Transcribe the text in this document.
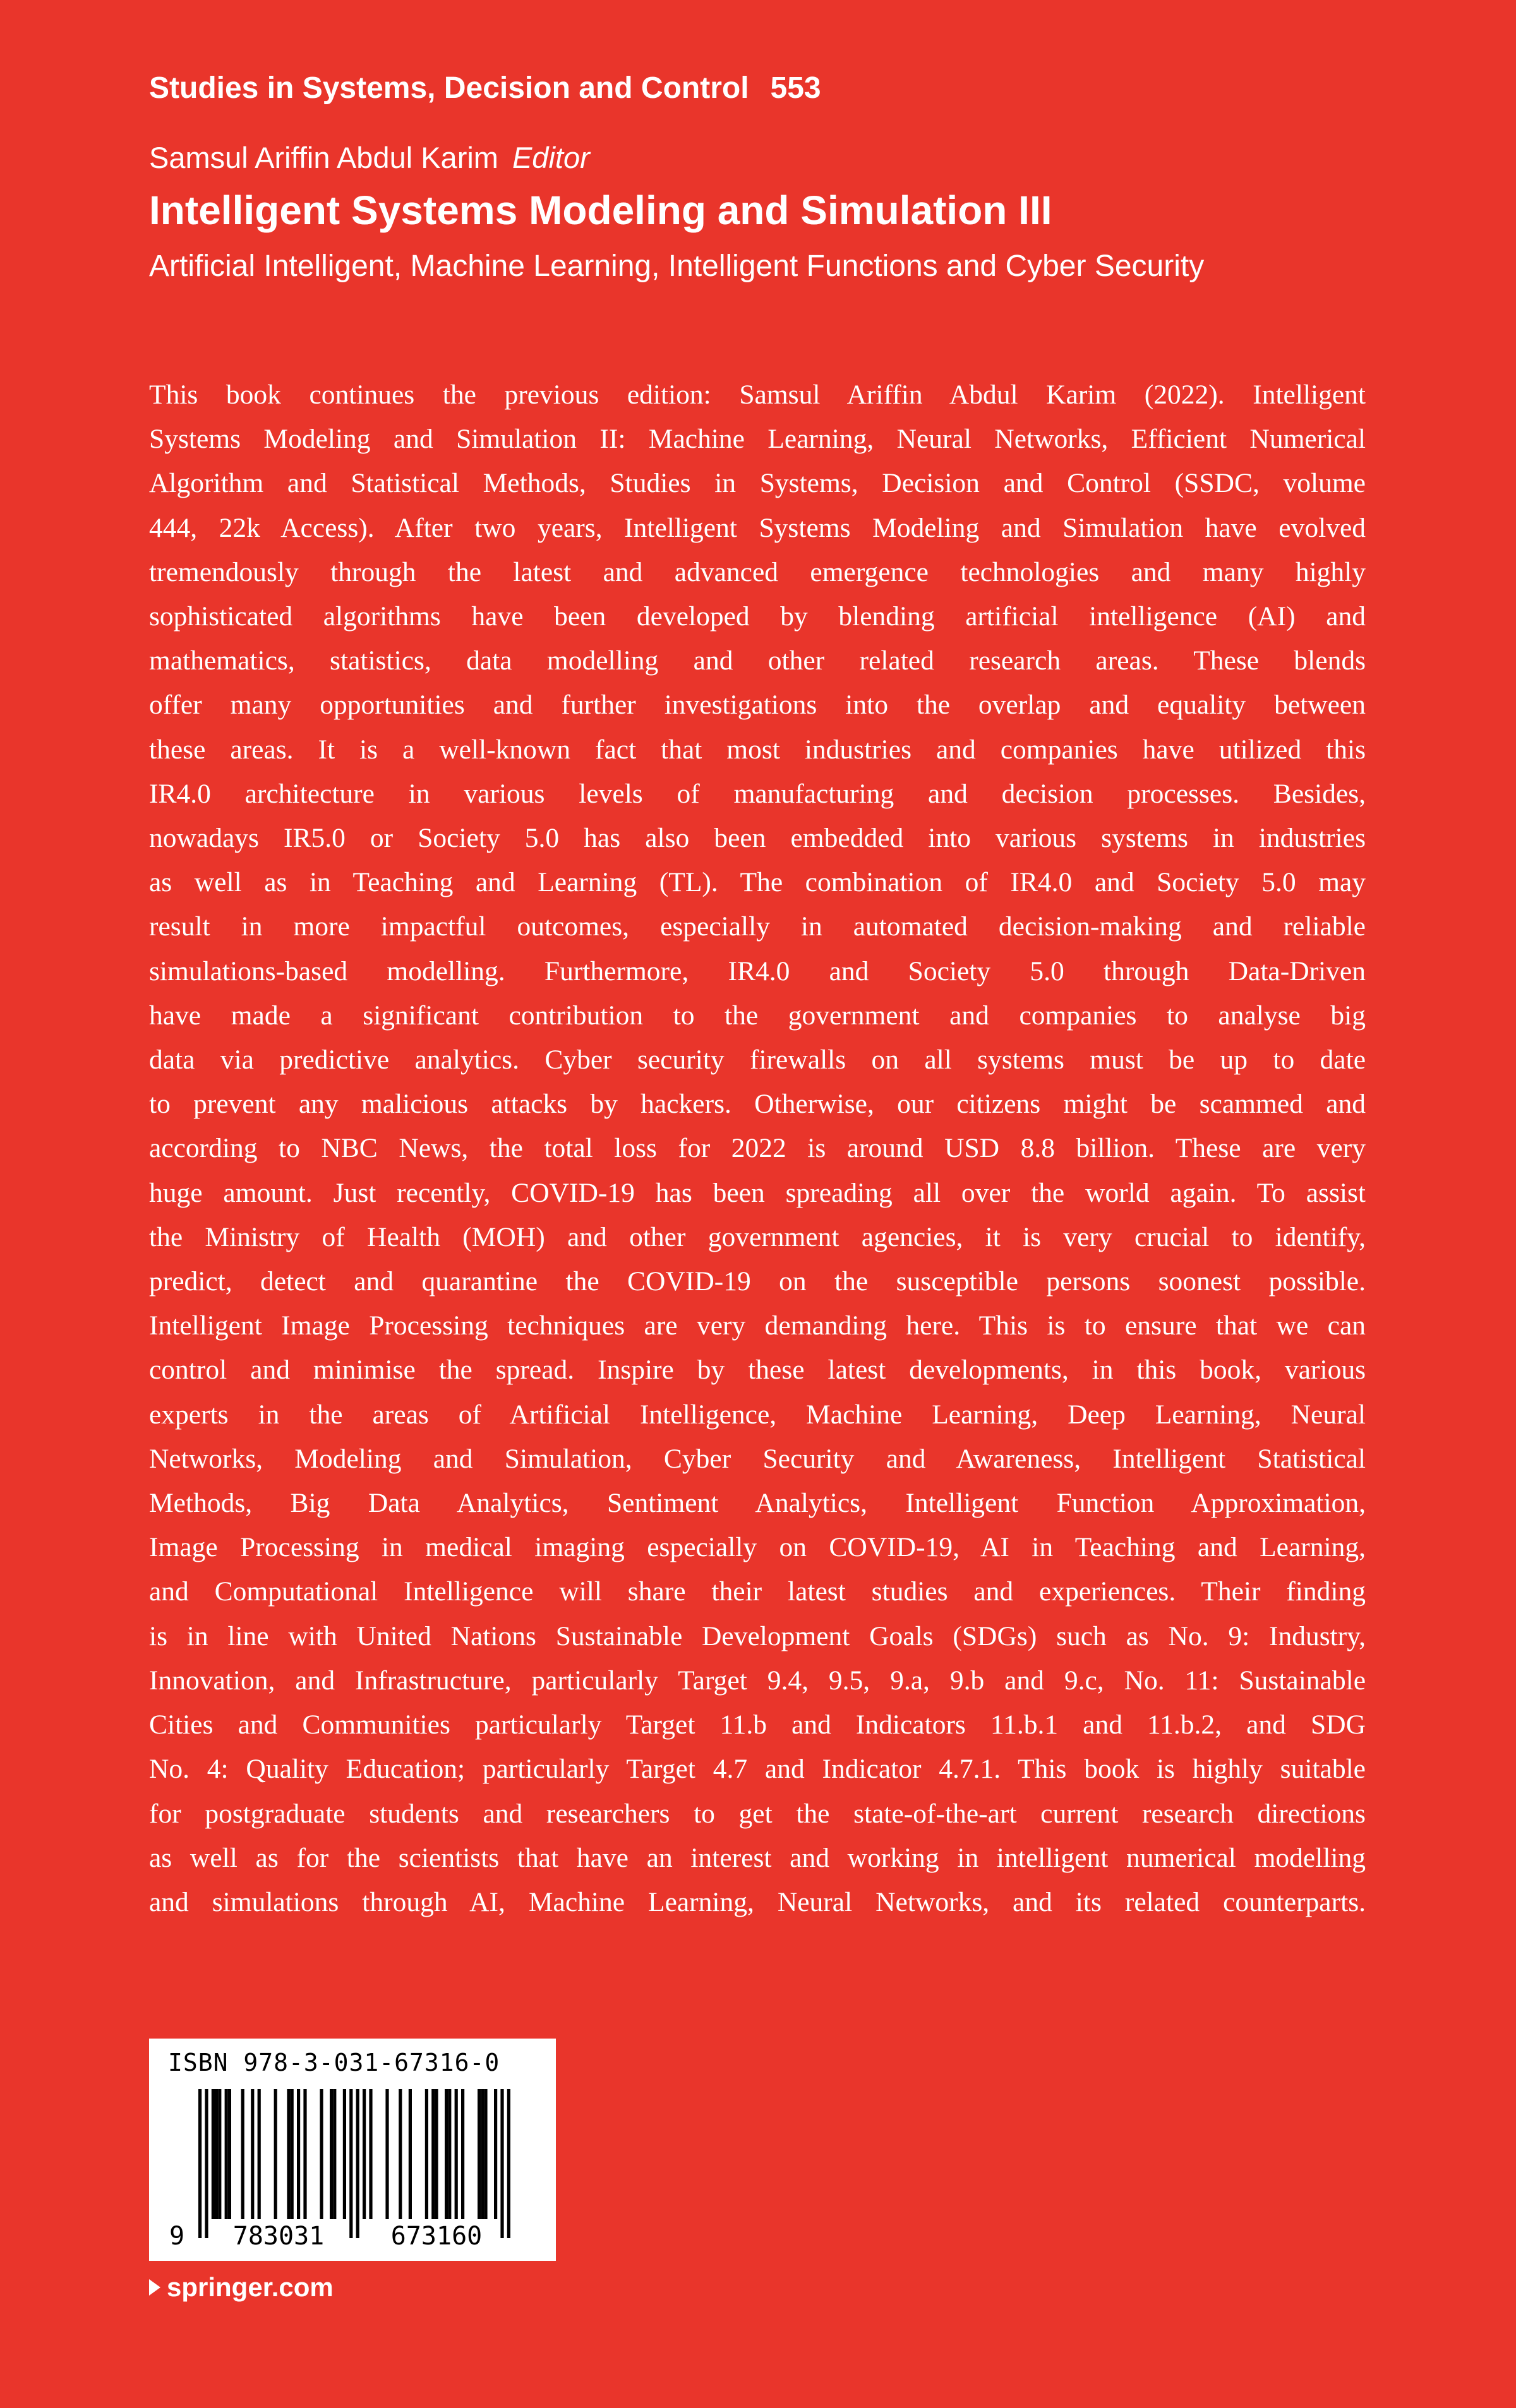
Studies in Systems, Decision and Control 553
Samsul Ariffin Abdul Karim Editor
Intelligent Systems Modeling and Simulation III
Artificial Intelligent, Machine Learning, Intelligent Functions and Cyber Security

This book continues the previous edition: Samsul Ariffin Abdul Karim (2022). Intelligent

Systems Modeling and Simulation II: Machine Learning, Neural Networks, Efficient Numerical

Algorithm and Statistical Methods, Studies in Systems, Decision and Control (SSDC, volume

444, 22k Access). After two years, Intelligent Systems Modeling and Simulation have evolved

tremendously through the latest and advanced emergence technologies and many highly

sophisticated algorithms have been developed by blending artificial intelligence (AI) and

mathematics, statistics, data modelling and other related research areas. These blends

offer many opportunities and further investigations into the overlap and equality between

these areas. It is a well-known fact that most industries and companies have utilized this

IR4.0 architecture in various levels of manufacturing and decision processes. Besides,

nowadays IR5.0 or Society 5.0 has also been embedded into various systems in industries

as well as in Teaching and Learning (TL). The combination of IR4.0 and Society 5.0 may

result in more impactful outcomes, especially in automated decision-making and reliable

simulations-based modelling. Furthermore, IR4.0 and Society 5.0 through Data-Driven

have made a significant contribution to the government and companies to analyse big

data via predictive analytics. Cyber security firewalls on all systems must be up to date

to prevent any malicious attacks by hackers. Otherwise, our citizens might be scammed and

according to NBC News, the total loss for 2022 is around USD 8.8 billion. These are very

huge amount. Just recently, COVID-19 has been spreading all over the world again. To assist

the Ministry of Health (MOH) and other government agencies, it is very crucial to identify,

predict, detect and quarantine the COVID-19 on the susceptible persons soonest possible.

Intelligent Image Processing techniques are very demanding here. This is to ensure that we can

control and minimise the spread. Inspire by these latest developments, in this book, various

experts in the areas of Artificial Intelligence, Machine Learning, Deep Learning, Neural

Networks, Modeling and Simulation, Cyber Security and Awareness, Intelligent Statistical

Methods, Big Data Analytics, Sentiment Analytics, Intelligent Function Approximation,

Image Processing in medical imaging especially on COVID-19, AI in Teaching and Learning,

and Computational Intelligence will share their latest studies and experiences. Their finding

is in line with United Nations Sustainable Development Goals (SDGs) such as No. 9: Industry,

Innovation, and Infrastructure, particularly Target 9.4, 9.5, 9.a, 9.b and 9.c, No. 11: Sustainable

Cities and Communities particularly Target 11.b and Indicators 11.b.1 and 11.b.2, and SDG

No. 4: Quality Education; particularly Target 4.7 and Indicator 4.7.1. This book is highly suitable

for postgraduate students and researchers to get the state-of-the-art current research directions

as well as for the scientists that have an interest and working in intelligent numerical modelling

and simulations through AI, Machine Learning, Neural Networks, and its related counterparts.

ISBN 978-3-031-67316-0
9 783031	673160
springer.com
